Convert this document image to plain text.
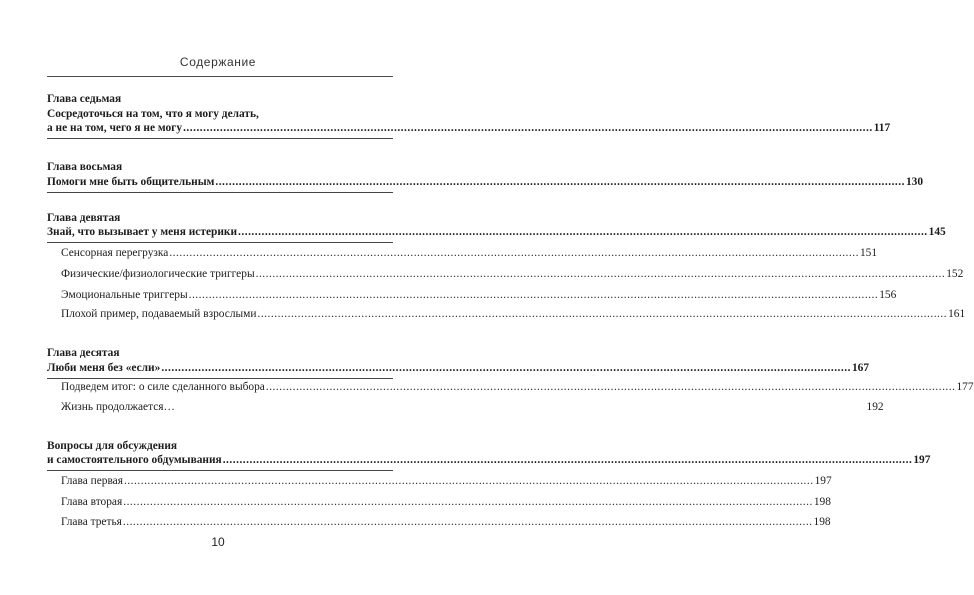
Содержание
Глава седьмая
Сосредоточься на том, что я могу делать,
а не на том, чего я не могу .............................................................................................................................................................................................................. 117
Глава восьмая
Помоги мне быть общительным .............................................................................................................................................................................................................. 130
Глава девятая
Знай, что вызывает у меня истерики .............................................................................................................................................................................................................. 145
Сенсорная перегрузка .............................................................................................................................................................................................................. 151
Физические/физиологические триггеры .............................................................................................................................................................................................................. 152
Эмоциональные триггеры .............................................................................................................................................................................................................. 156
Плохой пример, подаваемый взрослыми .............................................................................................................................................................................................................. 161
Глава десятая
Люби меня без «если» .............................................................................................................................................................................................................. 167
Подведем итог: о силе сделанного выбора .............................................................................................................................................................................................................. 177
Жизнь продолжается…	192
Вопросы для обсуждения
и самостоятельного обдумывания .............................................................................................................................................................................................................. 197
Глава первая .............................................................................................................................................................................................................. 197
Глава вторая .............................................................................................................................................................................................................. 198
Глава третья .............................................................................................................................................................................................................. 198
10
